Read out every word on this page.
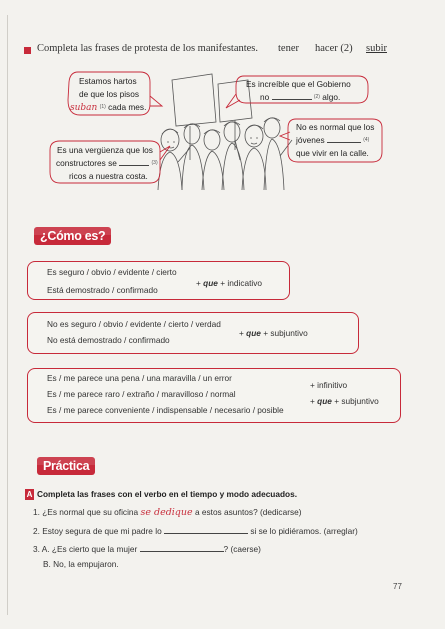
Completa las frases de protesta de los manifestantes. tener hacer (2) subir
Estamos hartos
de que los pisos
suban $^{(1)}$ cada mes.
Es increíble que el Gobierno
no	$^{(2)}$ algo.
No es normal que los
jóvenes	$^{(4)}$
que vivir en la calle.
Es una vergüenza que los
constructores se	$^{(3)}$
ricos a nuestra costa.
¿Cómo es?
Es seguro / obvio / evidente / cierto
Está demostrado / confirmado
+ que + indicativo
No es seguro / obvio / evidente / cierto / verdad
No está demostrado / confirmado
+ que + subjuntivo
Es / me parece una pena / una maravilla / un error
Es / me parece raro / extraño / maravilloso / normal
Es / me parece conveniente / indispensable / necesario / posible
+ infinitivo
+ que + subjuntivo
Práctica
A Completa las frases con el verbo en el tiempo y modo adecuados.
1. ¿Es normal que su oficina se dedique a estos asuntos? (dedicarse)
2. Estoy segura de que mi padre lo	si se lo pidiéramos. (arreglar)
3. A. ¿Es cierto que la mujer	? (caerse)
B. No, la empujaron.
77
